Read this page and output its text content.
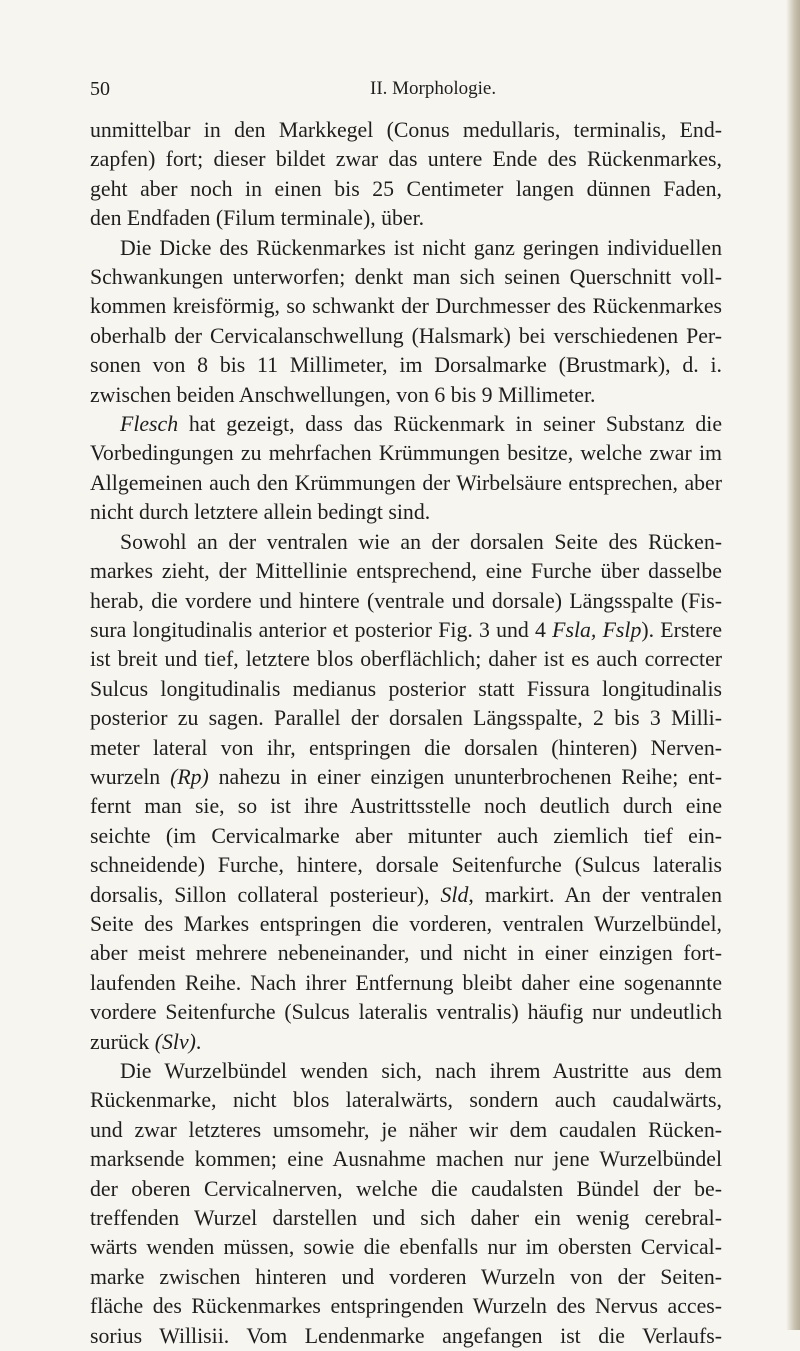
50	II. Morphologie.
unmittelbar in den Markkegel (Conus medullaris, terminalis, End-
zapfen) fort; dieser bildet zwar das untere Ende des Rückenmarkes,
geht aber noch in einen bis 25 Centimeter langen dünnen Faden,
den Endfaden (Filum terminale), über.
Die Dicke des Rückenmarkes ist nicht ganz geringen individuellen
Schwankungen unterworfen; denkt man sich seinen Querschnitt voll-
kommen kreisförmig, so schwankt der Durchmesser des Rückenmarkes
oberhalb der Cervicalanschwellung (Halsmark) bei verschiedenen Per-
sonen von 8 bis 11 Millimeter, im Dorsalmarke (Brustmark), d. i.
zwischen beiden Anschwellungen, von 6 bis 9 Millimeter.
Flesch hat gezeigt, dass das Rückenmark in seiner Substanz die
Vorbedingungen zu mehrfachen Krümmungen besitze, welche zwar im
Allgemeinen auch den Krümmungen der Wirbelsäure entsprechen, aber
nicht durch letztere allein bedingt sind.
Sowohl an der ventralen wie an der dorsalen Seite des Rücken-
markes zieht, der Mittellinie entsprechend, eine Furche über dasselbe
herab, die vordere und hintere (ventrale und dorsale) Längsspalte (Fis-
sura longitudinalis anterior et posterior Fig. 3 und 4 Fsla, Fslp). Erstere
ist breit und tief, letztere blos oberflächlich; daher ist es auch correcter
Sulcus longitudinalis medianus posterior statt Fissura longitudinalis
posterior zu sagen. Parallel der dorsalen Längsspalte, 2 bis 3 Milli-
meter lateral von ihr, entspringen die dorsalen (hinteren) Nerven-
wurzeln (Rp) nahezu in einer einzigen ununterbrochenen Reihe; ent-
fernt man sie, so ist ihre Austrittsstelle noch deutlich durch eine
seichte (im Cervicalmarke aber mitunter auch ziemlich tief ein-
schneidende) Furche, hintere, dorsale Seitenfurche (Sulcus lateralis
dorsalis, Sillon collateral posterieur), Sld, markirt. An der ventralen
Seite des Markes entspringen die vorderen, ventralen Wurzelbündel,
aber meist mehrere nebeneinander, und nicht in einer einzigen fort-
laufenden Reihe. Nach ihrer Entfernung bleibt daher eine sogenannte
vordere Seitenfurche (Sulcus lateralis ventralis) häufig nur undeutlich
zurück (Slv).
Die Wurzelbündel wenden sich, nach ihrem Austritte aus dem
Rückenmarke, nicht blos lateralwärts, sondern auch caudalwärts,
und zwar letzteres umsomehr, je näher wir dem caudalen Rücken-
marksende kommen; eine Ausnahme machen nur jene Wurzelbündel
der oberen Cervicalnerven, welche die caudalsten Bündel der be-
treffenden Wurzel darstellen und sich daher ein wenig cerebral-
wärts wenden müssen, sowie die ebenfalls nur im obersten Cervical-
marke zwischen hinteren und vorderen Wurzeln von der Seiten-
fläche des Rückenmarkes entspringenden Wurzeln des Nervus acces-
sorius Willisii. Vom Lendenmarke angefangen ist die Verlaufs-
